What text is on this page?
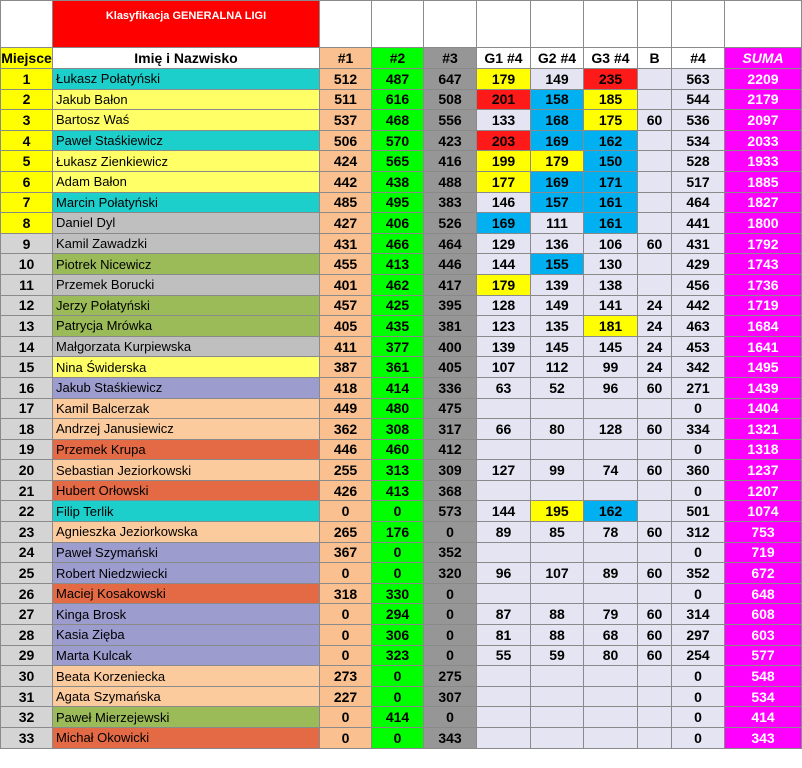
	Klasyfikacja GENERALNA LIGI									
Miejsce	Imię i Nazwisko	#1	#2	#3	G1 #4	G2 #4	G3 #4	B	#4	SUMA
1	Łukasz Połatyński	512	487	647	179	149	235		563	2209
2	Jakub Bałon	511	616	508	201	158	185		544	2179
3	Bartosz Waś	537	468	556	133	168	175	60	536	2097
4	Paweł Staśkiewicz	506	570	423	203	169	162		534	2033
5	Łukasz Zienkiewicz	424	565	416	199	179	150		528	1933
6	Adam Bałon	442	438	488	177	169	171		517	1885
7	Marcin Połatyński	485	495	383	146	157	161		464	1827
8	Daniel Dyl	427	406	526	169	111	161		441	1800
9	Kamil Zawadzki	431	466	464	129	136	106	60	431	1792
10	Piotrek Nicewicz	455	413	446	144	155	130		429	1743
11	Przemek Borucki	401	462	417	179	139	138		456	1736
12	Jerzy Połatyński	457	425	395	128	149	141	24	442	1719
13	Patrycja Mrówka	405	435	381	123	135	181	24	463	1684
14	Małgorzata Kurpiewska	411	377	400	139	145	145	24	453	1641
15	Nina Świderska	387	361	405	107	112	99	24	342	1495
16	Jakub Staśkiewicz	418	414	336	63	52	96	60	271	1439
17	Kamil Balcerzak	449	480	475					0	1404
18	Andrzej Janusiewicz	362	308	317	66	80	128	60	334	1321
19	Przemek Krupa	446	460	412					0	1318
20	Sebastian Jeziorkowski	255	313	309	127	99	74	60	360	1237
21	Hubert Orłowski	426	413	368					0	1207
22	Filip Terlik	0	0	573	144	195	162		501	1074
23	Agnieszka Jeziorkowska	265	176	0	89	85	78	60	312	753
24	Paweł Szymański	367	0	352					0	719
25	Robert Niedzwiecki	0	0	320	96	107	89	60	352	672
26	Maciej Kosakowski	318	330	0					0	648
27	Kinga Brosk	0	294	0	87	88	79	60	314	608
28	Kasia Zięba	0	306	0	81	88	68	60	297	603
29	Marta Kulcak	0	323	0	55	59	80	60	254	577
30	Beata Korzeniecka	273	0	275					0	548
31	Agata Szymańska	227	0	307					0	534
32	Paweł Mierzejewski	0	414	0					0	414
33	Michał Okowicki	0	0	343					0	343
